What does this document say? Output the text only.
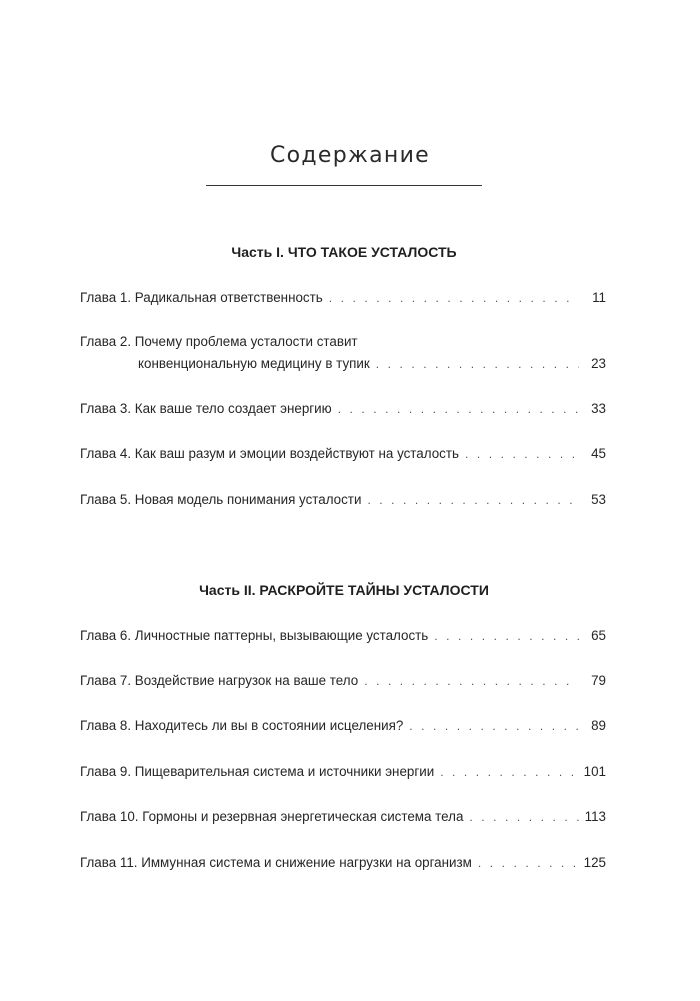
Содержание
Часть I. ЧТО ТАКОЕ УСТАЛОСТЬ
Глава 1. Радикальная ответственность . . .	11
Глава 2. Почему проблема усталости ставит
конвенциональную медицину в тупик . . .	23
Глава 3. Как ваше тело создает энергию . . .	33
Глава 4. Как ваш разум и эмоции воздействуют на усталость . . .	45
Глава 5. Новая модель понимания усталости . . .	53
Часть II. РАСКРОЙТЕ ТАЙНЫ УСТАЛОСТИ
Глава 6. Личностные паттерны, вызывающие усталость . . .	65
Глава 7. Воздействие нагрузок на ваше тело . . .	79
Глава 8. Находитесь ли вы в состоянии исцеления? . . .	89
Глава 9. Пищеварительная система и источники энергии . . .	101
Глава 10. Гормоны и резервная энергетическая система тела . . .	113
Глава 11. Иммунная система и снижение нагрузки на организм . . .	125
